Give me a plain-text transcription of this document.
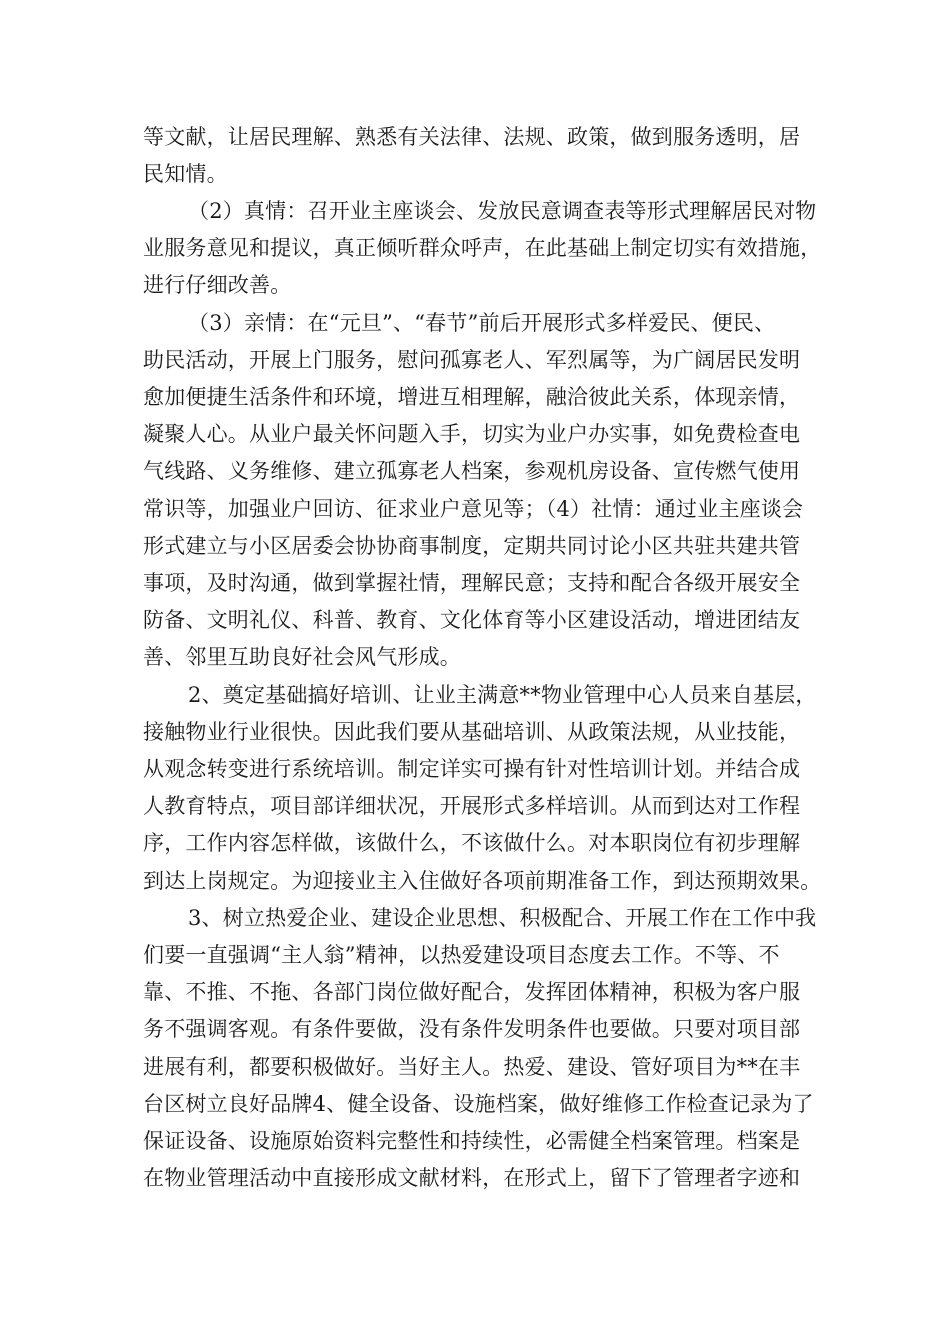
等文献，让居民理解、熟悉有关法律、法规、政策，做到服务透明，居
民知情。
（2）真情：召开业主座谈会、发放民意调查表等形式理解居民对物
业服务意见和提议，真正倾听群众呼声，在此基础上制定切实有效措施，
进行仔细改善。
（3）亲情：在“元旦”、“春节”前后开展形式多样爱民、便民、
助民活动，开展上门服务，慰问孤寡老人、军烈属等，为广阔居民发明
愈加便捷生活条件和环境，增进互相理解，融洽彼此关系，体现亲情，
凝聚人心。从业户最关怀问题入手，切实为业户办实事，如免费检查电
气线路、义务维修、建立孤寡老人档案，参观机房设备、宣传燃气使用
常识等，加强业户回访、征求业户意见等；（4）社情：通过业主座谈会
形式建立与小区居委会协协商事制度，定期共同讨论小区共驻共建共管
事项，及时沟通，做到掌握社情，理解民意；支持和配合各级开展安全
防备、文明礼仪、科普、教育、文化体育等小区建设活动，增进团结友
善、邻里互助良好社会风气形成。
2、奠定基础搞好培训、让业主满意**物业管理中心人员来自基层，
接触物业行业很快。因此我们要从基础培训、从政策法规，从业技能，
从观念转变进行系统培训。制定详实可操有针对性培训计划。并结合成
人教育特点，项目部详细状况，开展形式多样培训。从而到达对工作程
序，工作内容怎样做，该做什么，不该做什么。对本职岗位有初步理解
到达上岗规定。为迎接业主入住做好各项前期准备工作，到达预期效果。
3、树立热爱企业、建设企业思想、积极配合、开展工作在工作中我
们要一直强调“主人翁”精神，以热爱建设项目态度去工作。不等、不
靠、不推、不拖、各部门岗位做好配合，发挥团体精神，积极为客户服
务不强调客观。有条件要做，没有条件发明条件也要做。只要对项目部
进展有利，都要积极做好。当好主人。热爱、建设、管好项目为**在丰
台区树立良好品牌4、健全设备、设施档案，做好维修工作检查记录为了
保证设备、设施原始资料完整性和持续性，必需健全档案管理。档案是
在物业管理活动中直接形成文献材料，在形式上，留下了管理者字迹和
